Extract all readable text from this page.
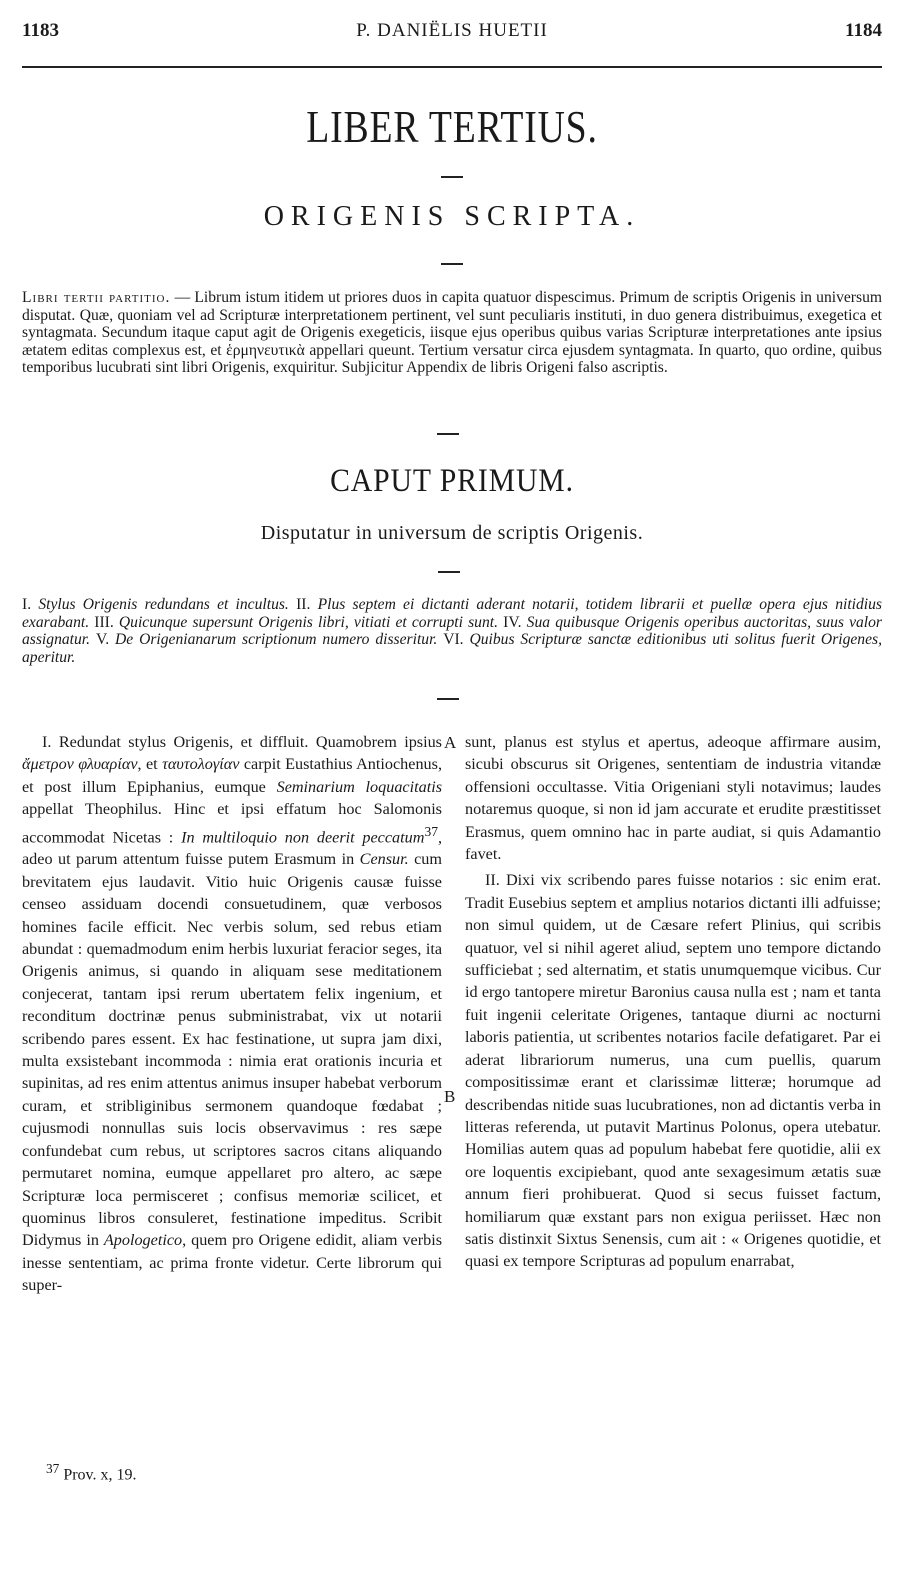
1183	P. DANIËLIS HUETII	1184
LIBER TERTIUS.
ORIGENIS SCRIPTA.
Libri tertii partitio. — Librum istum itidem ut priores duos in capita quatuor dispescimus. Primum de scriptis Origenis in universum disputat. Quæ, quoniam vel ad Scripturæ interpretationem pertinent, vel sunt peculiaris instituti, in duo genera distribuimus, exegetica et syntagmata. Secundum itaque caput agit de Origenis exegeticis, iisque ejus operibus quibus varias Scripturæ interpretationes ante ipsius ætatem editas complexus est, et ἑρμηνευτικὰ appellari queunt. Tertium versatur circa ejusdem syntagmata. In quarto, quo ordine, quibus temporibus lucubrati sint libri Origenis, exquiritur. Subjicitur Appendix de libris Origeni falso ascriptis.
CAPUT PRIMUM.
Disputatur in universum de scriptis Origenis.
I. Stylus Origenis redundans et incultus. II. Plus septem ei dictanti aderant notarii, totidem librarii et puellæ opera ejus nitidius exarabant. III. Quicunque supersunt Origenis libri, vitiati et corrupti sunt. IV. Sua quibusque Origenis operibus auctoritas, suus valor assignatur. V. De Origenianarum scriptionum numero disseritur. VI. Quibus Scripturæ sanctæ editionibus uti solitus fuerit Origenes, aperitur.

I. Redundat stylus Origenis, et diffluit. Quamobrem ipsius ἄμετρον φλυαρίαν, et ταυτολογίαν carpit Eustathius Antiochenus, et post illum Epiphanius, eumque Seminarium loquacitatis appellat Theophilus. Hinc et ipsi effatum hoc Salomonis accommodat Nicetas : In multiloquio non deerit peccatum$^{37}$, adeo ut parum attentum fuisse putem Erasmum in Censur. cum brevitatem ejus laudavit. Vitio huic Origenis causæ fuisse censeo assiduam docendi consuetudinem, quæ verbosos homines facile efficit. Nec verbis solum, sed rebus etiam abundat : quemadmodum enim herbis luxuriat feracior seges, ita Origenis animus, si quando in aliquam sese meditationem conjecerat, tantam ipsi rerum ubertatem felix ingenium, et reconditum doctrinæ penus subministrabat, vix ut notarii scribendo pares essent. Ex hac festinatione, ut supra jam dixi, multa exsistebant incommoda : nimia erat orationis incuria et supinitas, ad res enim attentus animus insuper habebat verborum curam, et stribliginibus sermonem quandoque fœdabat ; cujusmodi nonnullas suis locis observavimus : res sæpe confundebat cum rebus, ut scriptores sacros citans aliquando permutaret nomina, eumque appellaret pro altero, ac sæpe Scripturæ loca permisceret ; confisus memoriæ scilicet, et quominus libros consuleret, festinatione impeditus. Scribit Didymus in Apologetico, quem pro Origene edidit, aliam verbis inesse sententiam, ac prima fronte videtur. Certe librorum qui super-

A
B

sunt, planus est stylus et apertus, adeoque affirmare ausim, sicubi obscurus sit Origenes, sententiam de industria vitandæ offensioni occultasse. Vitia Origeniani styli notavimus; laudes notaremus quoque, si non id jam accurate et erudite præstitisset Erasmus, quem omnino hac in parte audiat, si quis Adamantio favet.

II. Dixi vix scribendo pares fuisse notarios : sic enim erat. Tradit Eusebius septem et amplius notarios dictanti illi adfuisse; non simul quidem, ut de Cæsare refert Plinius, qui scribis quatuor, vel si nihil ageret aliud, septem uno tempore dictando sufficiebat ; sed alternatim, et statis unumquemque vicibus. Cur id ergo tantopere miretur Baronius causa nulla est ; nam et tanta fuit ingenii celeritate Origenes, tantaque diurni ac nocturni laboris patientia, ut scribentes notarios facile defatigaret. Par ei aderat librariorum numerus, una cum puellis, quarum compositissimæ erant et clarissimæ litteræ; horumque ad describendas nitide suas lucubrationes, non ad dictantis verba in litteras referenda, ut putavit Martinus Polonus, opera utebatur. Homilias autem quas ad populum habebat fere quotidie, alii ex ore loquentis excipiebant, quod ante sexagesimum ætatis suæ annum fieri prohibuerat. Quod si secus fuisset factum, homiliarum quæ exstant pars non exigua periisset. Hæc non satis distinxit Sixtus Senensis, cum ait : « Origenes quotidie, et quasi ex tempore Scripturas ad populum enarrabat,

$^{37}$ Prov. x, 19.
